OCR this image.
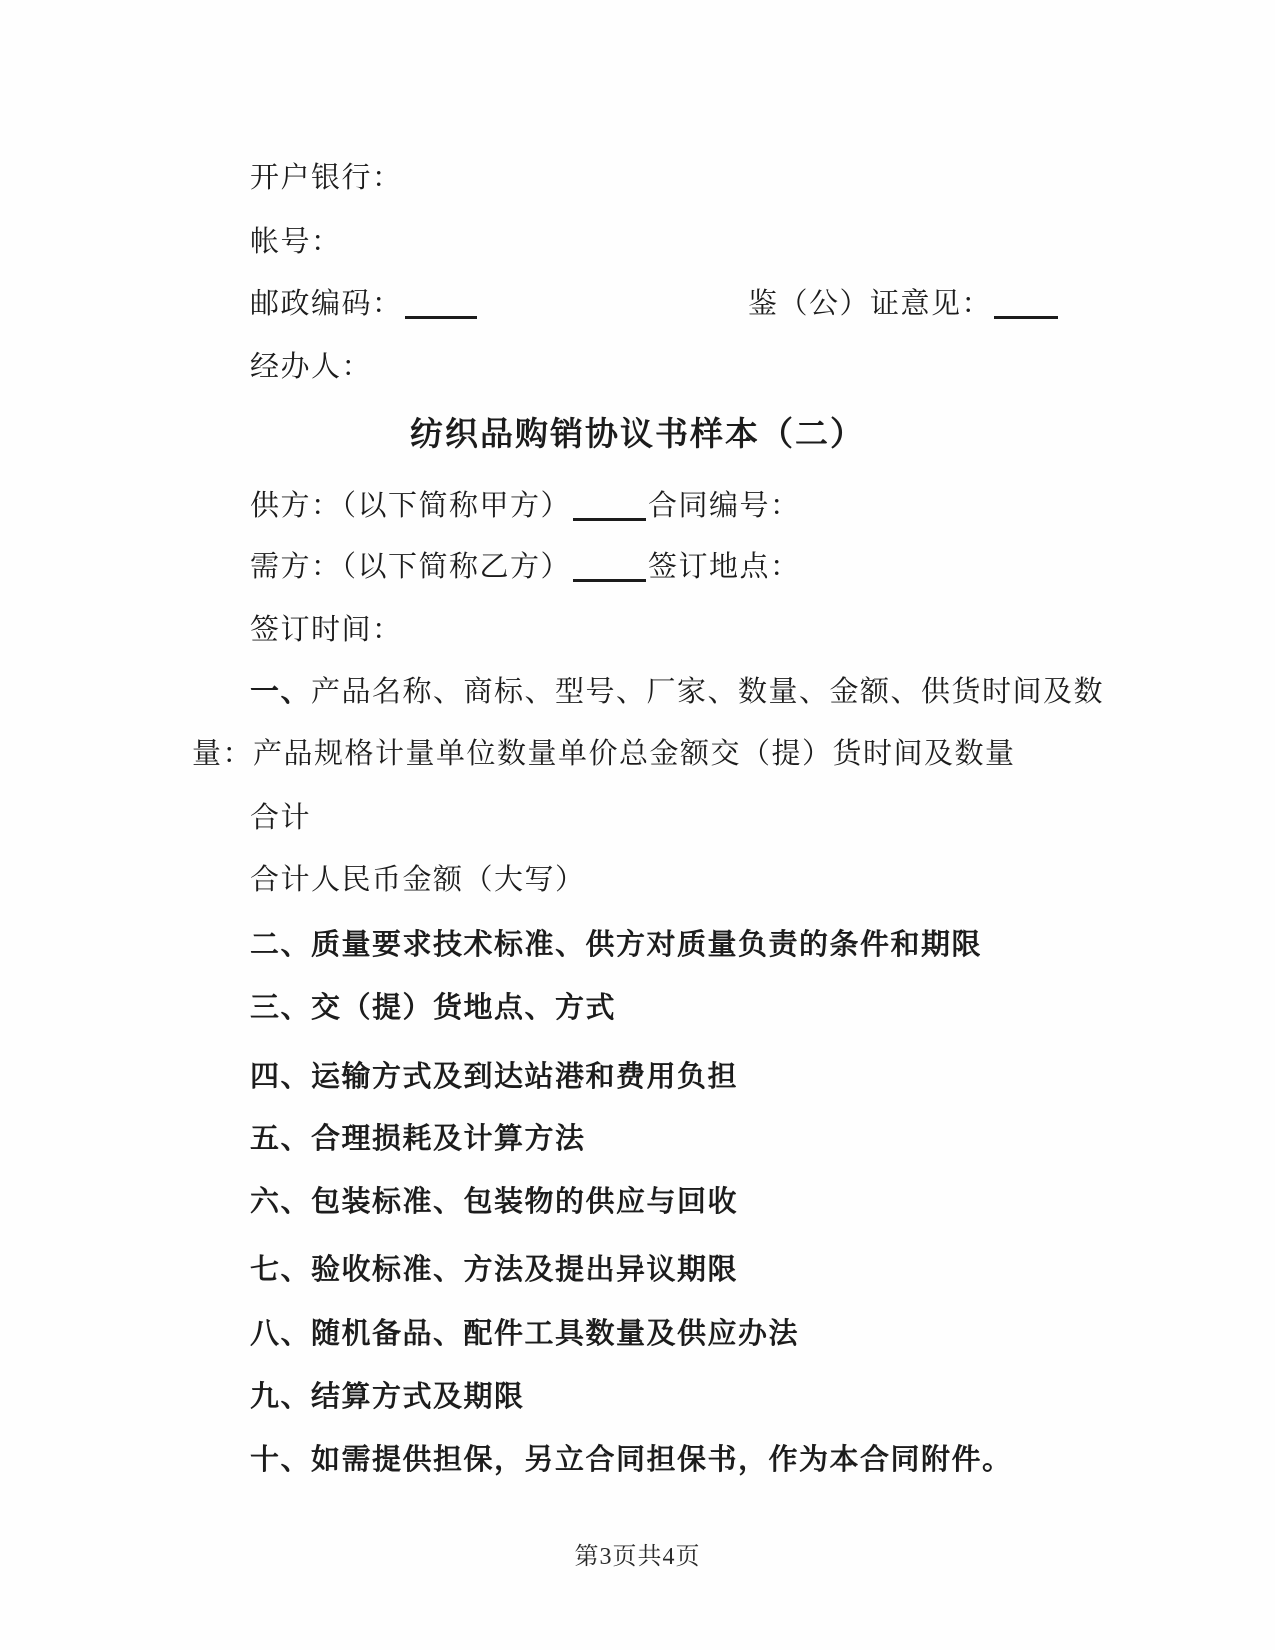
开户银行：
帐号：
邮政编码：	鉴（公）证意见：
经办人：
纺织品购销协议书样本（二）
供方：（以下简称甲方）	合同编号：
需方：（以下简称乙方）	签订地点：
签订时间：
一、产品名称、商标、型号、厂家、数量、金额、供货时间及数
量：产品规格计量单位数量单价总金额交（提）货时间及数量
合计
合计人民币金额（大写）
二、质量要求技术标准、供方对质量负责的条件和期限
三、交（提）货地点、方式
四、运输方式及到达站港和费用负担
五、合理损耗及计算方法
六、包装标准、包装物的供应与回收
七、验收标准、方法及提出异议期限
八、随机备品、配件工具数量及供应办法
九、结算方式及期限
十、如需提供担保，另立合同担保书，作为本合同附件。
第3页共4页
